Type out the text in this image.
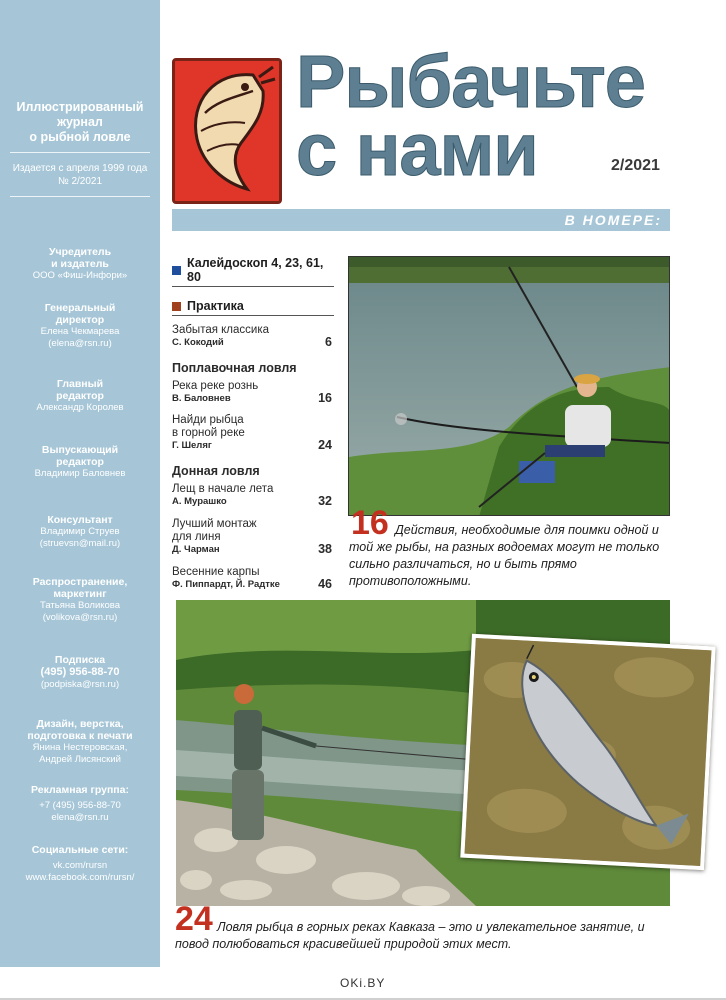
Иллюстрированный
журнал
о рыбной ловле
Издается с апреля 1999 года
№ 2/2021
Учредитель
и издатель
ООО «Фиш-Инфори»
Генеральный
директор
Елена Чекмарева
(elena@rsn.ru)
Главный
редактор
Александр Королев
Выпускающий
редактор
Владимир Баловнев
Консультант
Владимир Струев
(struevsn@mail.ru)
Распространение,
маркетинг
Татьяна Воликова
(volikova@rsn.ru)
Подписка
(495) 956-88-70
(podpiska@rsn.ru)
Дизайн, верстка,
подготовка к печати
Янина Нестеровская,
Андрей Лисянский
Рекламная группа:
+7 (495) 956-88-70
elena@rsn.ru
Социальные сети:
vk.com/rursn
www.facebook.com/rursn/
Рыбачьте
с нами	2/2021
В НОМЕРЕ:
Калейдоскоп 4, 23, 61, 80
Практика
Забытая классика
С. Кокодий	6
Поплавочная ловля
Река реке рознь
В. Баловнев	16
Найди рыбца
в горной реке
Г. Шеляг	24
Донная ловля
Лещ в начале лета
А. Мурашко	32
Лучший монтаж
для линя
Д. Чарман	38
Весенние карпы
Ф. Пиппардт, Й. Радтке	46
16 Действия, необходимые для поимки одной и той же рыбы, на разных водоемах могут не только сильно различаться, но и быть прямо противоположными.
24 Ловля рыбца в горных реках Кавказа – это и увлекательное занятие, и повод полюбоваться красивейшей природой этих мест.
OKi.BY
